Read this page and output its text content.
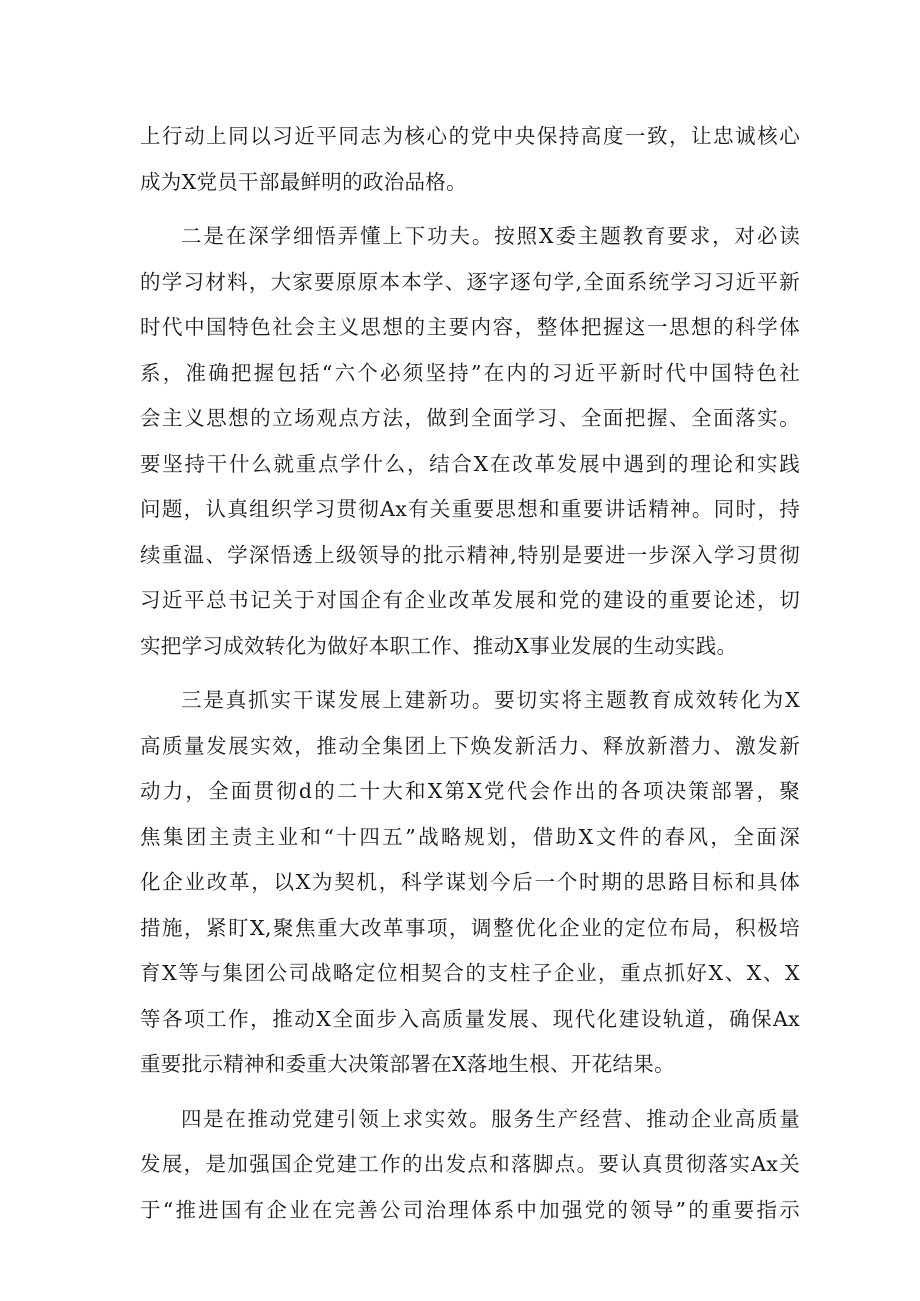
上行动上同以习近平同志为核心的党中央保持高度一致，让忠诚核心
成为X党员干部最鲜明的政治品格。
二是在深学细悟弄懂上下功夫。按照X委主题教育要求，对必读
的学习材料，大家要原原本本学、逐字逐句学,全面系统学习习近平新
时代中国特色社会主义思想的主要内容，整体把握这一思想的科学体
系，准确把握包括“六个必须坚持”在内的习近平新时代中国特色社
会主义思想的立场观点方法，做到全面学习、全面把握、全面落实。
要坚持干什么就重点学什么，结合X在改革发展中遇到的理论和实践
问题，认真组织学习贯彻Ax有关重要思想和重要讲话精神。同时，持
续重温、学深悟透上级领导的批示精神,特别是要进一步深入学习贯彻
习近平总书记关于对国企有企业改革发展和党的建设的重要论述，切
实把学习成效转化为做好本职工作、推动X事业发展的生动实践。
三是真抓实干谋发展上建新功。要切实将主题教育成效转化为X
高质量发展实效，推动全集团上下焕发新活力、释放新潜力、激发新
动力，全面贯彻d的二十大和X第X党代会作出的各项决策部署，聚
焦集团主责主业和“十四五”战略规划，借助X文件的春风，全面深
化企业改革，以X为契机，科学谋划今后一个时期的思路目标和具体
措施，紧盯X,聚焦重大改革事项，调整优化企业的定位布局，积极培
育X等与集团公司战略定位相契合的支柱子企业，重点抓好X、X、X
等各项工作，推动X全面步入高质量发展、现代化建设轨道，确保Ax
重要批示精神和委重大决策部署在X落地生根、开花结果。
四是在推动党建引领上求实效。服务生产经营、推动企业高质量
发展，是加强国企党建工作的出发点和落脚点。要认真贯彻落实Ax关
于“推进国有企业在完善公司治理体系中加强党的领导”的重要指示
